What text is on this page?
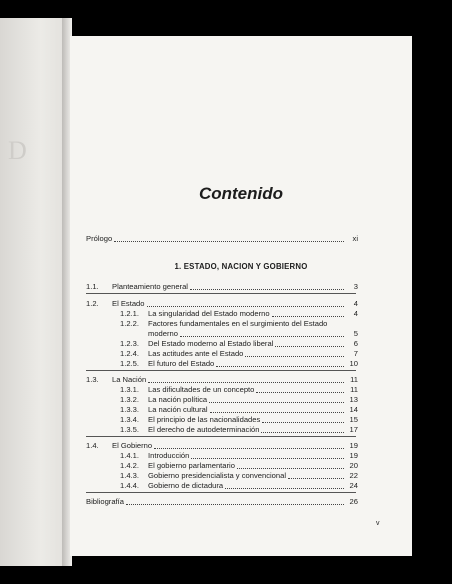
D
Contenido
Prólogo	xi
1. ESTADO, NACION Y GOBIERNO
1.1.	Planteamiento general	3
1.2.	El Estado	4
1.2.1.	La singularidad del Estado moderno	4
1.2.2.	Factores fundamentales en el surgimiento del Estado
moderno	5
1.2.3.	Del Estado moderno al Estado liberal	6
1.2.4.	Las actitudes ante el Estado	7
1.2.5.	El futuro del Estado	10
1.3.	La Nación	11
1.3.1.	Las dificultades de un concepto	11
1.3.2.	La nación política	13
1.3.3.	La nación cultural	14
1.3.4.	El principio de las nacionalidades	15
1.3.5.	El derecho de autodeterminación	17
1.4.	El Gobierno	19
1.4.1.	Introducción	19
1.4.2.	El gobierno parlamentario	20
1.4.3.	Gobierno presidencialista y convencional	22
1.4.4.	Gobierno de dictadura	24
Bibliografía	26
v
